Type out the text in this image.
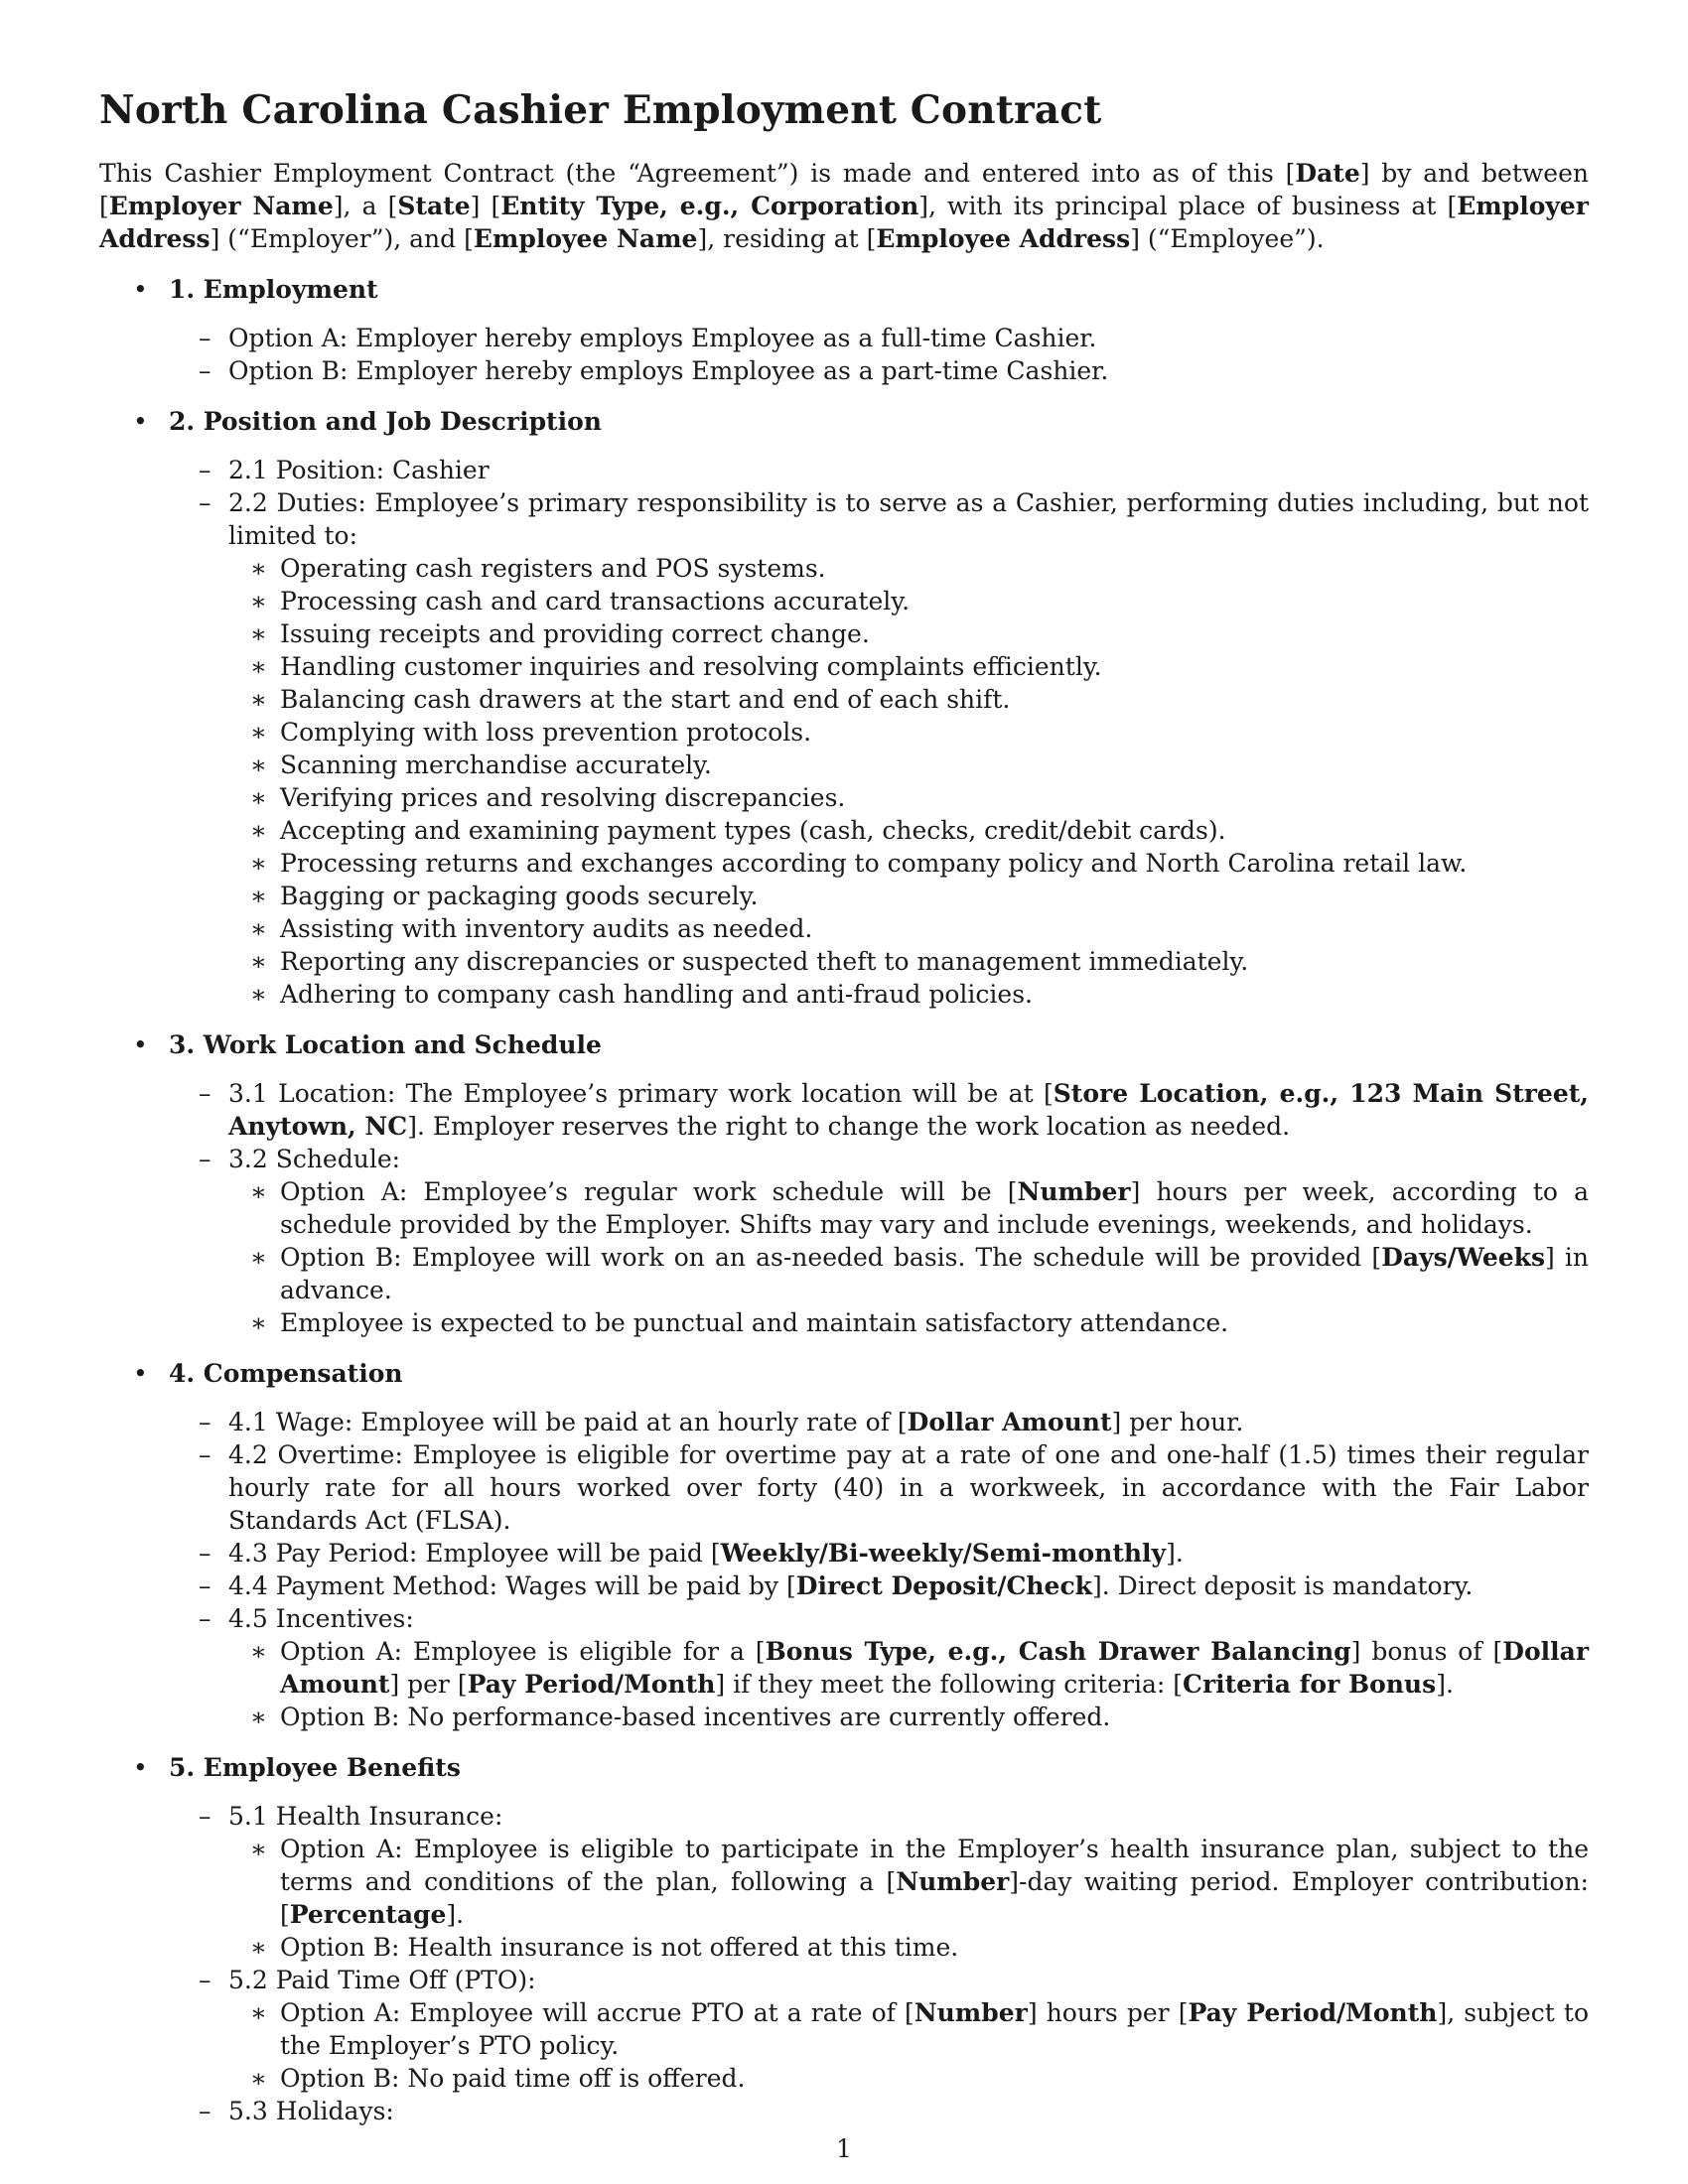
North Carolina Cashier Employment Contract

This Cashier Employment Contract (the “Agreement”) is made and entered into as of this [Date] by and between [Employer Name], a [State] [Entity Type, e.g., Corporation], with its principal place of business at [Employer Address] (“Employer”), and [Employee Name], residing at [Employee Address] (“Employee”).

• 1. Employment
– Option A: Employer hereby employs Employee as a full-time Cashier.
– Option B: Employer hereby employs Employee as a part-time Cashier.
• 2. Position and Job Description
– 2.1 Position: Cashier
– 2.2 Duties: Employee’s primary responsibility is to serve as a Cashier, performing duties including, but not limited to:
∗ Operating cash registers and POS systems.
∗ Processing cash and card transactions accurately.
∗ Issuing receipts and providing correct change.
∗ Handling customer inquiries and resolving complaints efficiently.
∗ Balancing cash drawers at the start and end of each shift.
∗ Complying with loss prevention protocols.
∗ Scanning merchandise accurately.
∗ Verifying prices and resolving discrepancies.
∗ Accepting and examining payment types (cash, checks, credit/debit cards).
∗ Processing returns and exchanges according to company policy and North Carolina retail law.
∗ Bagging or packaging goods securely.
∗ Assisting with inventory audits as needed.
∗ Reporting any discrepancies or suspected theft to management immediately.
∗ Adhering to company cash handling and anti-fraud policies.
• 3. Work Location and Schedule
– 3.1 Location: The Employee’s primary work location will be at [Store Location, e.g., 123 Main Street, Anytown, NC]. Employer reserves the right to change the work location as needed.
– 3.2 Schedule:
∗ Option A: Employee’s regular work schedule will be [Number] hours per week, according to a schedule provided by the Employer. Shifts may vary and include evenings, weekends, and holidays.
∗ Option B: Employee will work on an as-needed basis. The schedule will be provided [Days/Weeks] in advance.
∗ Employee is expected to be punctual and maintain satisfactory attendance.
• 4. Compensation
– 4.1 Wage: Employee will be paid at an hourly rate of [Dollar Amount] per hour.
– 4.2 Overtime: Employee is eligible for overtime pay at a rate of one and one-half (1.5) times their regular hourly rate for all hours worked over forty (40) in a workweek, in accordance with the Fair Labor Standards Act (FLSA).
– 4.3 Pay Period: Employee will be paid [Weekly/Bi-weekly/Semi-monthly].
– 4.4 Payment Method: Wages will be paid by [Direct Deposit/Check]. Direct deposit is mandatory.
– 4.5 Incentives:
∗ Option A: Employee is eligible for a [Bonus Type, e.g., Cash Drawer Balancing] bonus of [Dollar Amount] per [Pay Period/Month] if they meet the following criteria: [Criteria for Bonus].
∗ Option B: No performance-based incentives are currently offered.
• 5. Employee Benefits
– 5.1 Health Insurance:
∗ Option A: Employee is eligible to participate in the Employer’s health insurance plan, subject to the terms and conditions of the plan, following a [Number]-day waiting period. Employer contribution: [Percentage].
∗ Option B: Health insurance is not offered at this time.
– 5.2 Paid Time Off (PTO):
∗ Option A: Employee will accrue PTO at a rate of [Number] hours per [Pay Period/Month], subject to the Employer’s PTO policy.
∗ Option B: No paid time off is offered.
– 5.3 Holidays:
1
